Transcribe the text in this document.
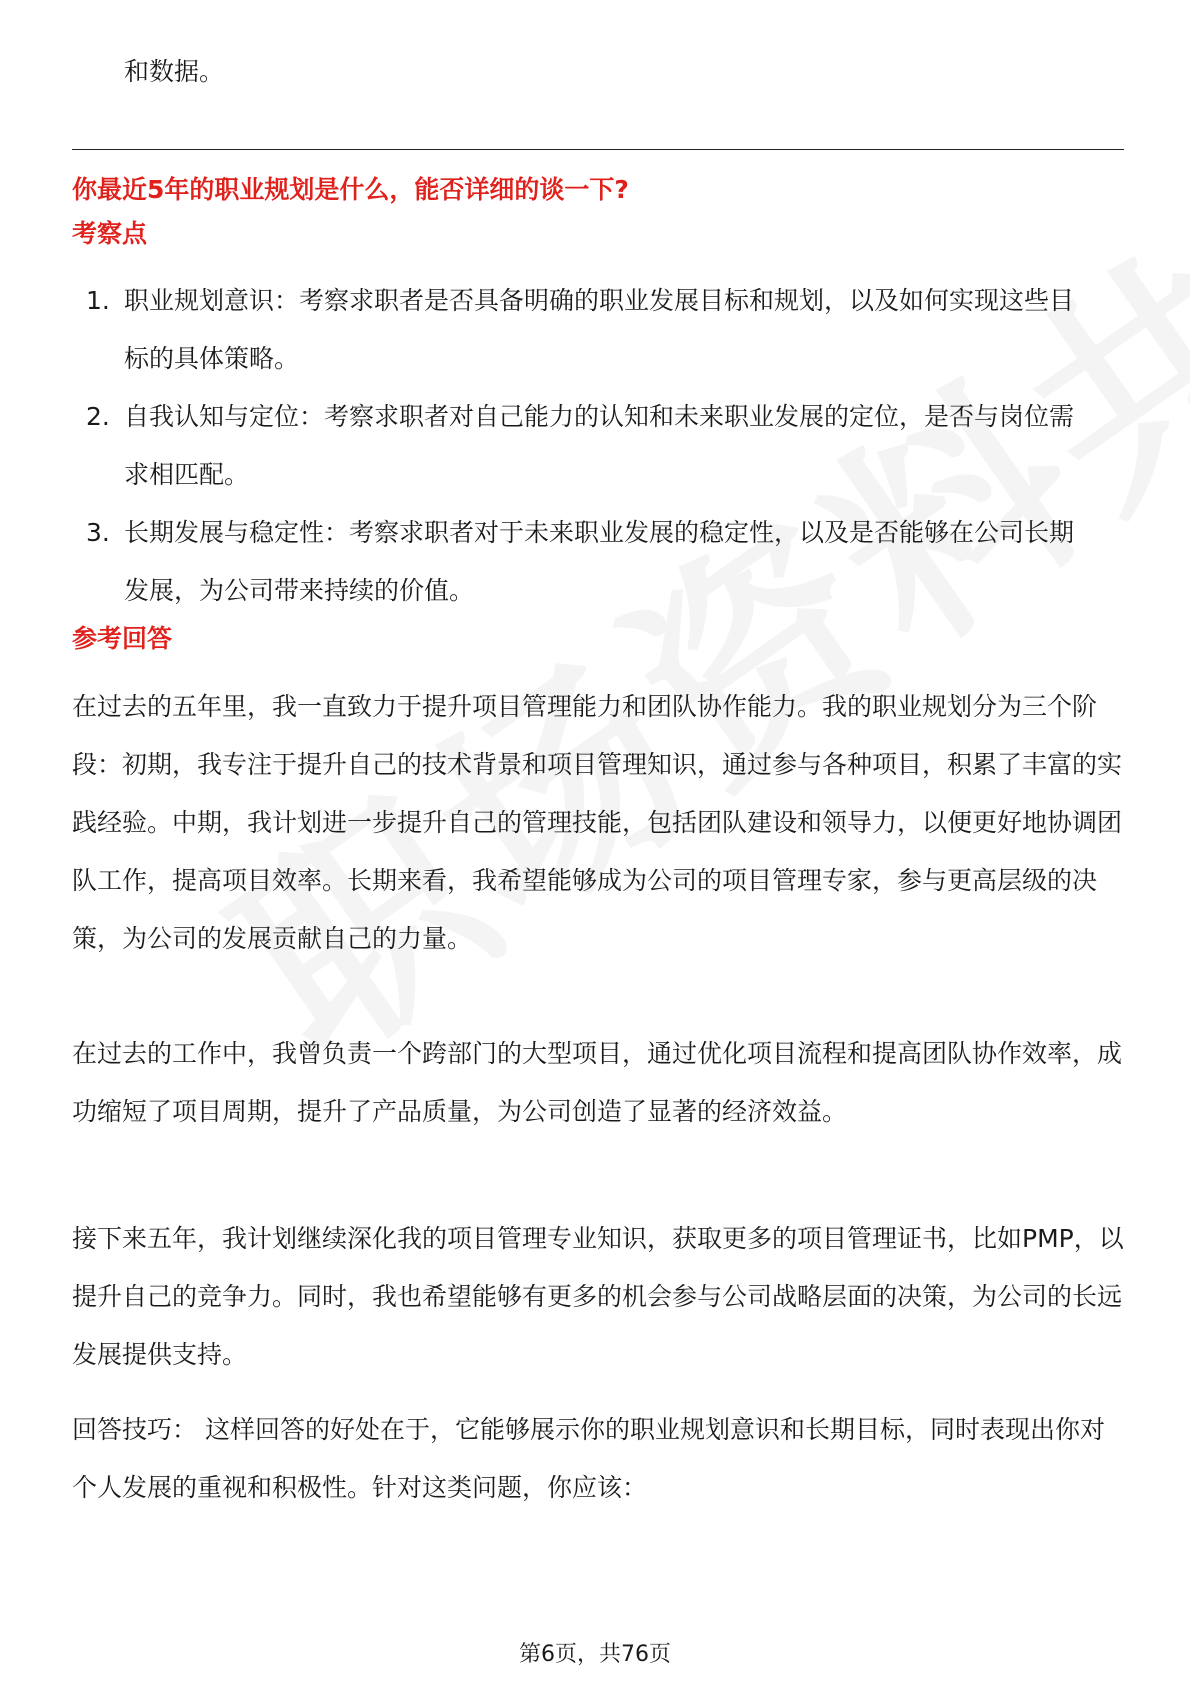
和数据。
你最近5年的职业规划是什么，能否详细的谈一下?
考察点
1. 职业规划意识：考察求职者是否具备明确的职业发展目标和规划，以及如何实现这些目标的具体策略。
2. 自我认知与定位：考察求职者对自己能力的认知和未来职业发展的定位，是否与岗位需求相匹配。
3. 长期发展与稳定性：考察求职者对于未来职业发展的稳定性，以及是否能够在公司长期发展，为公司带来持续的价值。
参考回答

在过去的五年里，我一直致力于提升项目管理能力和团队协作能力。我的职业规划分为三个阶段：初期，我专注于提升自己的技术背景和项目管理知识，通过参与各种项目，积累了丰富的实践经验。中期，我计划进一步提升自己的管理技能，包括团队建设和领导力，以便更好地协调团队工作，提高项目效率。长期来看，我希望能够成为公司的项目管理专家，参与更高层级的决策，为公司的发展贡献自己的力量。

在过去的工作中，我曾负责一个跨部门的大型项目，通过优化项目流程和提高团队协作效率，成功缩短了项目周期，提升了产品质量，为公司创造了显著的经济效益。

接下来五年，我计划继续深化我的项目管理专业知识，获取更多的项目管理证书，比如PMP，以提升自己的竞争力。同时，我也希望能够有更多的机会参与公司战略层面的决策，为公司的长远发展提供支持。

回答技巧： 这样回答的好处在于，它能够展示你的职业规划意识和长期目标，同时表现出你对个人发展的重视和积极性。针对这类问题，你应该：

第6页，共76页
